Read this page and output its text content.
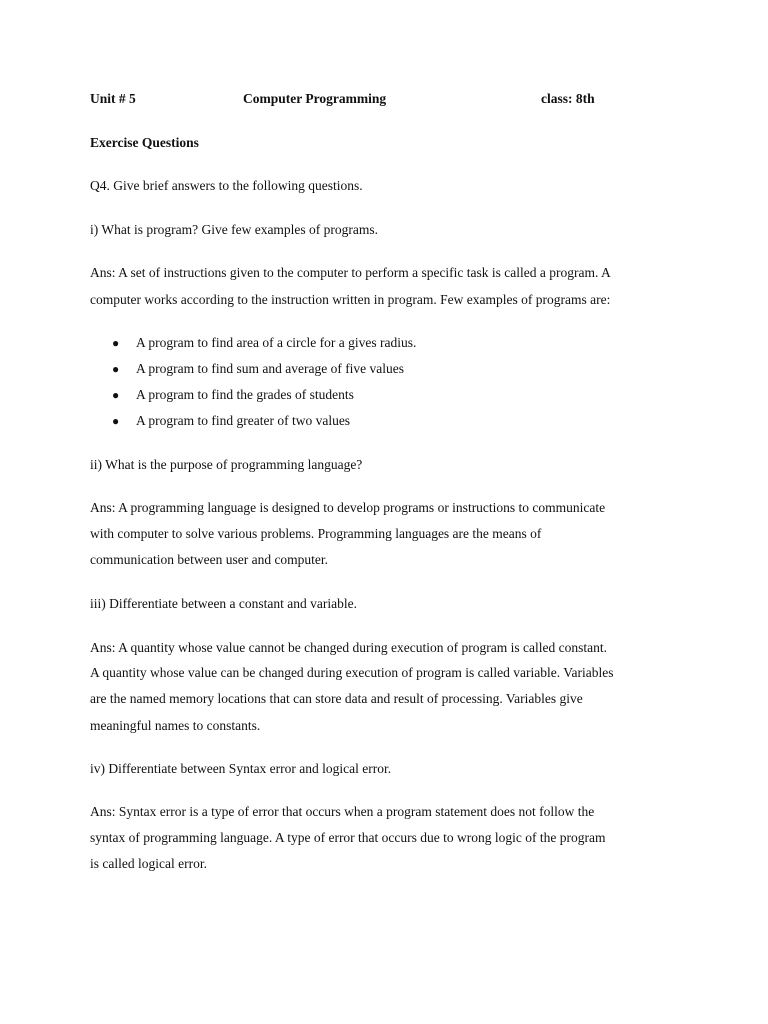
Unit # 5	Computer Programming	class: 8th
Exercise Questions
Q4. Give brief answers to the following questions.
i) What is program? Give few examples of programs.
Ans: A set of instructions given to the computer to perform a specific task is called a program. A
computer works according to the instruction written in program. Few examples of programs are:
● A program to find area of a circle for a gives radius.
● A program to find sum and average of five values
● A program to find the grades of students
● A program to find greater of two values
ii) What is the purpose of programming language?
Ans: A programming language is designed to develop programs or instructions to communicate
with computer to solve various problems. Programming languages are the means of
communication between user and computer.
iii) Differentiate between a constant and variable.
Ans: A quantity whose value cannot be changed during execution of program is called constant.
A quantity whose value can be changed during execution of program is called variable. Variables
are the named memory locations that can store data and result of processing. Variables give
meaningful names to constants.
iv) Differentiate between Syntax error and logical error.
Ans: Syntax error is a type of error that occurs when a program statement does not follow the
syntax of programming language. A type of error that occurs due to wrong logic of the program
is called logical error.
